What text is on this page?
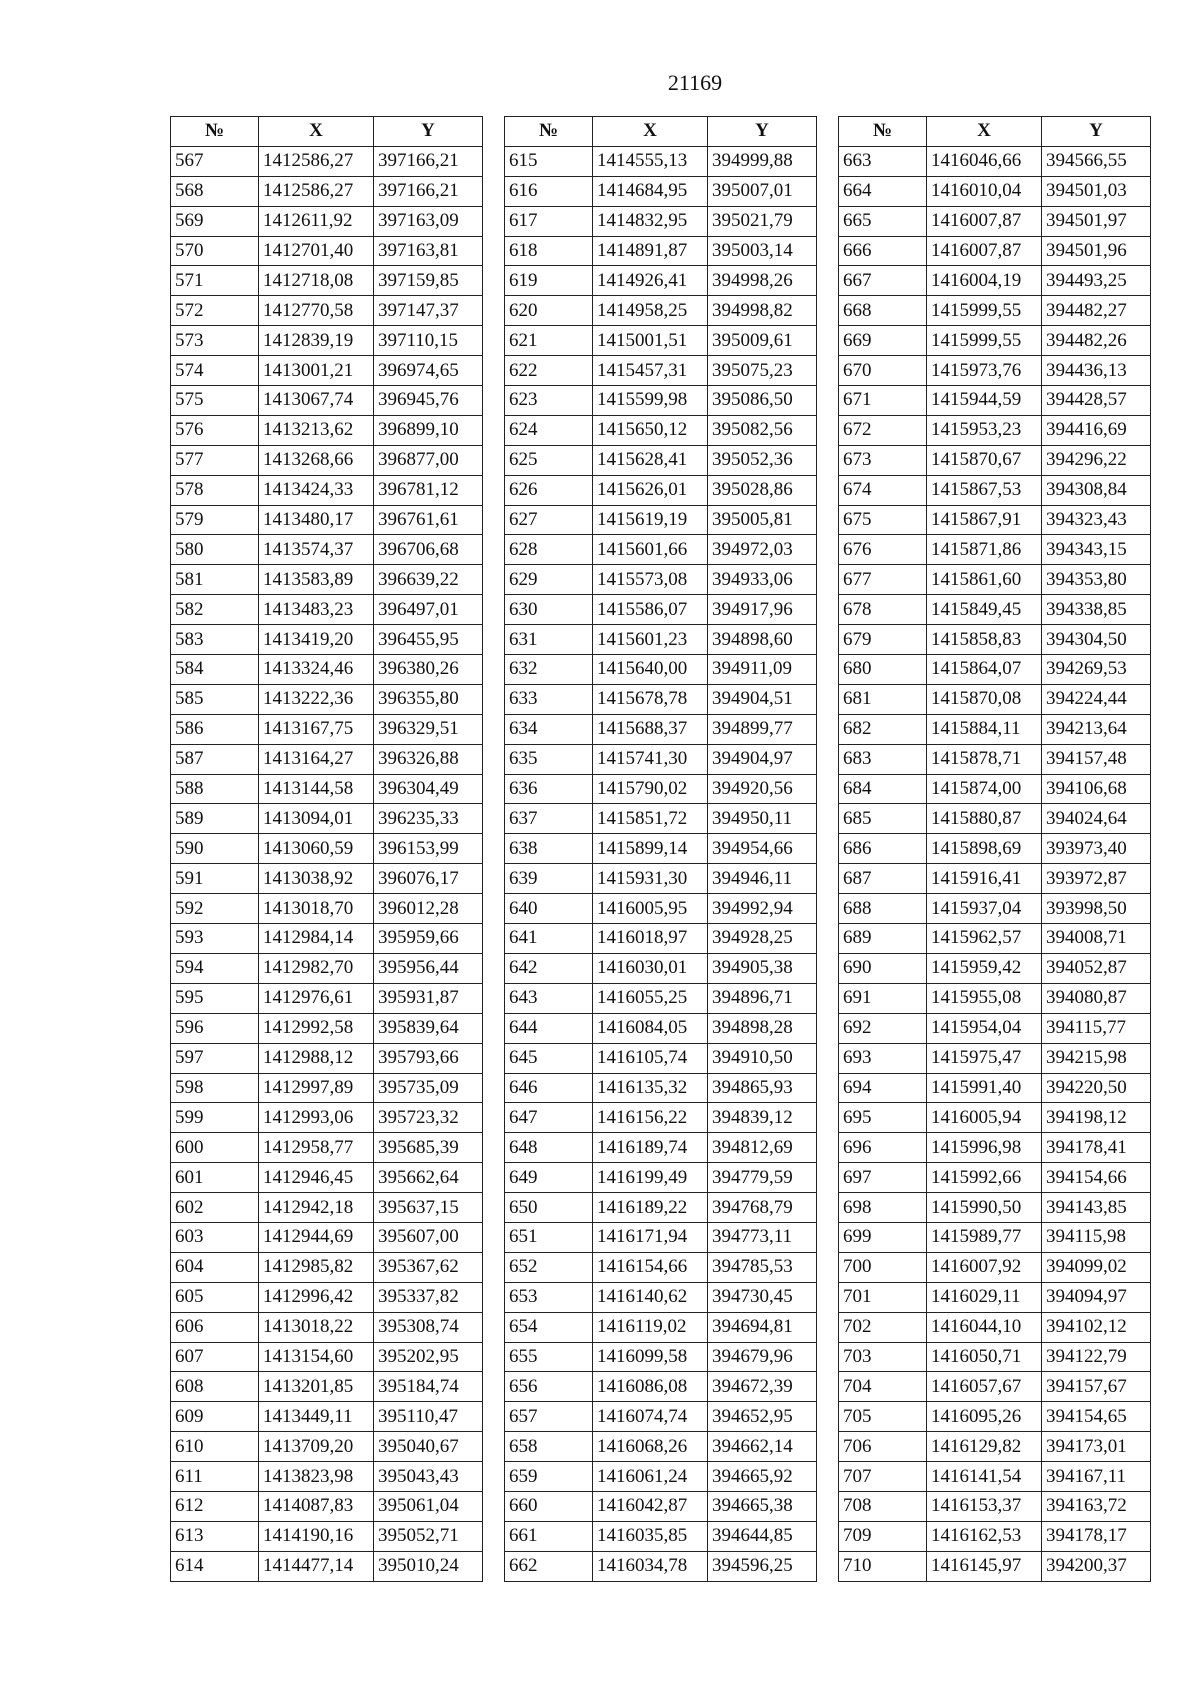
21169
№	X	Y
567	1412586,27	397166,21
568	1412586,27	397166,21
569	1412611,92	397163,09
570	1412701,40	397163,81
571	1412718,08	397159,85
572	1412770,58	397147,37
573	1412839,19	397110,15
574	1413001,21	396974,65
575	1413067,74	396945,76
576	1413213,62	396899,10
577	1413268,66	396877,00
578	1413424,33	396781,12
579	1413480,17	396761,61
580	1413574,37	396706,68
581	1413583,89	396639,22
582	1413483,23	396497,01
583	1413419,20	396455,95
584	1413324,46	396380,26
585	1413222,36	396355,80
586	1413167,75	396329,51
587	1413164,27	396326,88
588	1413144,58	396304,49
589	1413094,01	396235,33
590	1413060,59	396153,99
591	1413038,92	396076,17
592	1413018,70	396012,28
593	1412984,14	395959,66
594	1412982,70	395956,44
595	1412976,61	395931,87
596	1412992,58	395839,64
597	1412988,12	395793,66
598	1412997,89	395735,09
599	1412993,06	395723,32
600	1412958,77	395685,39
601	1412946,45	395662,64
602	1412942,18	395637,15
603	1412944,69	395607,00
604	1412985,82	395367,62
605	1412996,42	395337,82
606	1413018,22	395308,74
607	1413154,60	395202,95
608	1413201,85	395184,74
609	1413449,11	395110,47
610	1413709,20	395040,67
611	1413823,98	395043,43
612	1414087,83	395061,04
613	1414190,16	395052,71
614	1414477,14	395010,24
№	X	Y
615	1414555,13	394999,88
616	1414684,95	395007,01
617	1414832,95	395021,79
618	1414891,87	395003,14
619	1414926,41	394998,26
620	1414958,25	394998,82
621	1415001,51	395009,61
622	1415457,31	395075,23
623	1415599,98	395086,50
624	1415650,12	395082,56
625	1415628,41	395052,36
626	1415626,01	395028,86
627	1415619,19	395005,81
628	1415601,66	394972,03
629	1415573,08	394933,06
630	1415586,07	394917,96
631	1415601,23	394898,60
632	1415640,00	394911,09
633	1415678,78	394904,51
634	1415688,37	394899,77
635	1415741,30	394904,97
636	1415790,02	394920,56
637	1415851,72	394950,11
638	1415899,14	394954,66
639	1415931,30	394946,11
640	1416005,95	394992,94
641	1416018,97	394928,25
642	1416030,01	394905,38
643	1416055,25	394896,71
644	1416084,05	394898,28
645	1416105,74	394910,50
646	1416135,32	394865,93
647	1416156,22	394839,12
648	1416189,74	394812,69
649	1416199,49	394779,59
650	1416189,22	394768,79
651	1416171,94	394773,11
652	1416154,66	394785,53
653	1416140,62	394730,45
654	1416119,02	394694,81
655	1416099,58	394679,96
656	1416086,08	394672,39
657	1416074,74	394652,95
658	1416068,26	394662,14
659	1416061,24	394665,92
660	1416042,87	394665,38
661	1416035,85	394644,85
662	1416034,78	394596,25
№	X	Y
663	1416046,66	394566,55
664	1416010,04	394501,03
665	1416007,87	394501,97
666	1416007,87	394501,96
667	1416004,19	394493,25
668	1415999,55	394482,27
669	1415999,55	394482,26
670	1415973,76	394436,13
671	1415944,59	394428,57
672	1415953,23	394416,69
673	1415870,67	394296,22
674	1415867,53	394308,84
675	1415867,91	394323,43
676	1415871,86	394343,15
677	1415861,60	394353,80
678	1415849,45	394338,85
679	1415858,83	394304,50
680	1415864,07	394269,53
681	1415870,08	394224,44
682	1415884,11	394213,64
683	1415878,71	394157,48
684	1415874,00	394106,68
685	1415880,87	394024,64
686	1415898,69	393973,40
687	1415916,41	393972,87
688	1415937,04	393998,50
689	1415962,57	394008,71
690	1415959,42	394052,87
691	1415955,08	394080,87
692	1415954,04	394115,77
693	1415975,47	394215,98
694	1415991,40	394220,50
695	1416005,94	394198,12
696	1415996,98	394178,41
697	1415992,66	394154,66
698	1415990,50	394143,85
699	1415989,77	394115,98
700	1416007,92	394099,02
701	1416029,11	394094,97
702	1416044,10	394102,12
703	1416050,71	394122,79
704	1416057,67	394157,67
705	1416095,26	394154,65
706	1416129,82	394173,01
707	1416141,54	394167,11
708	1416153,37	394163,72
709	1416162,53	394178,17
710	1416145,97	394200,37
